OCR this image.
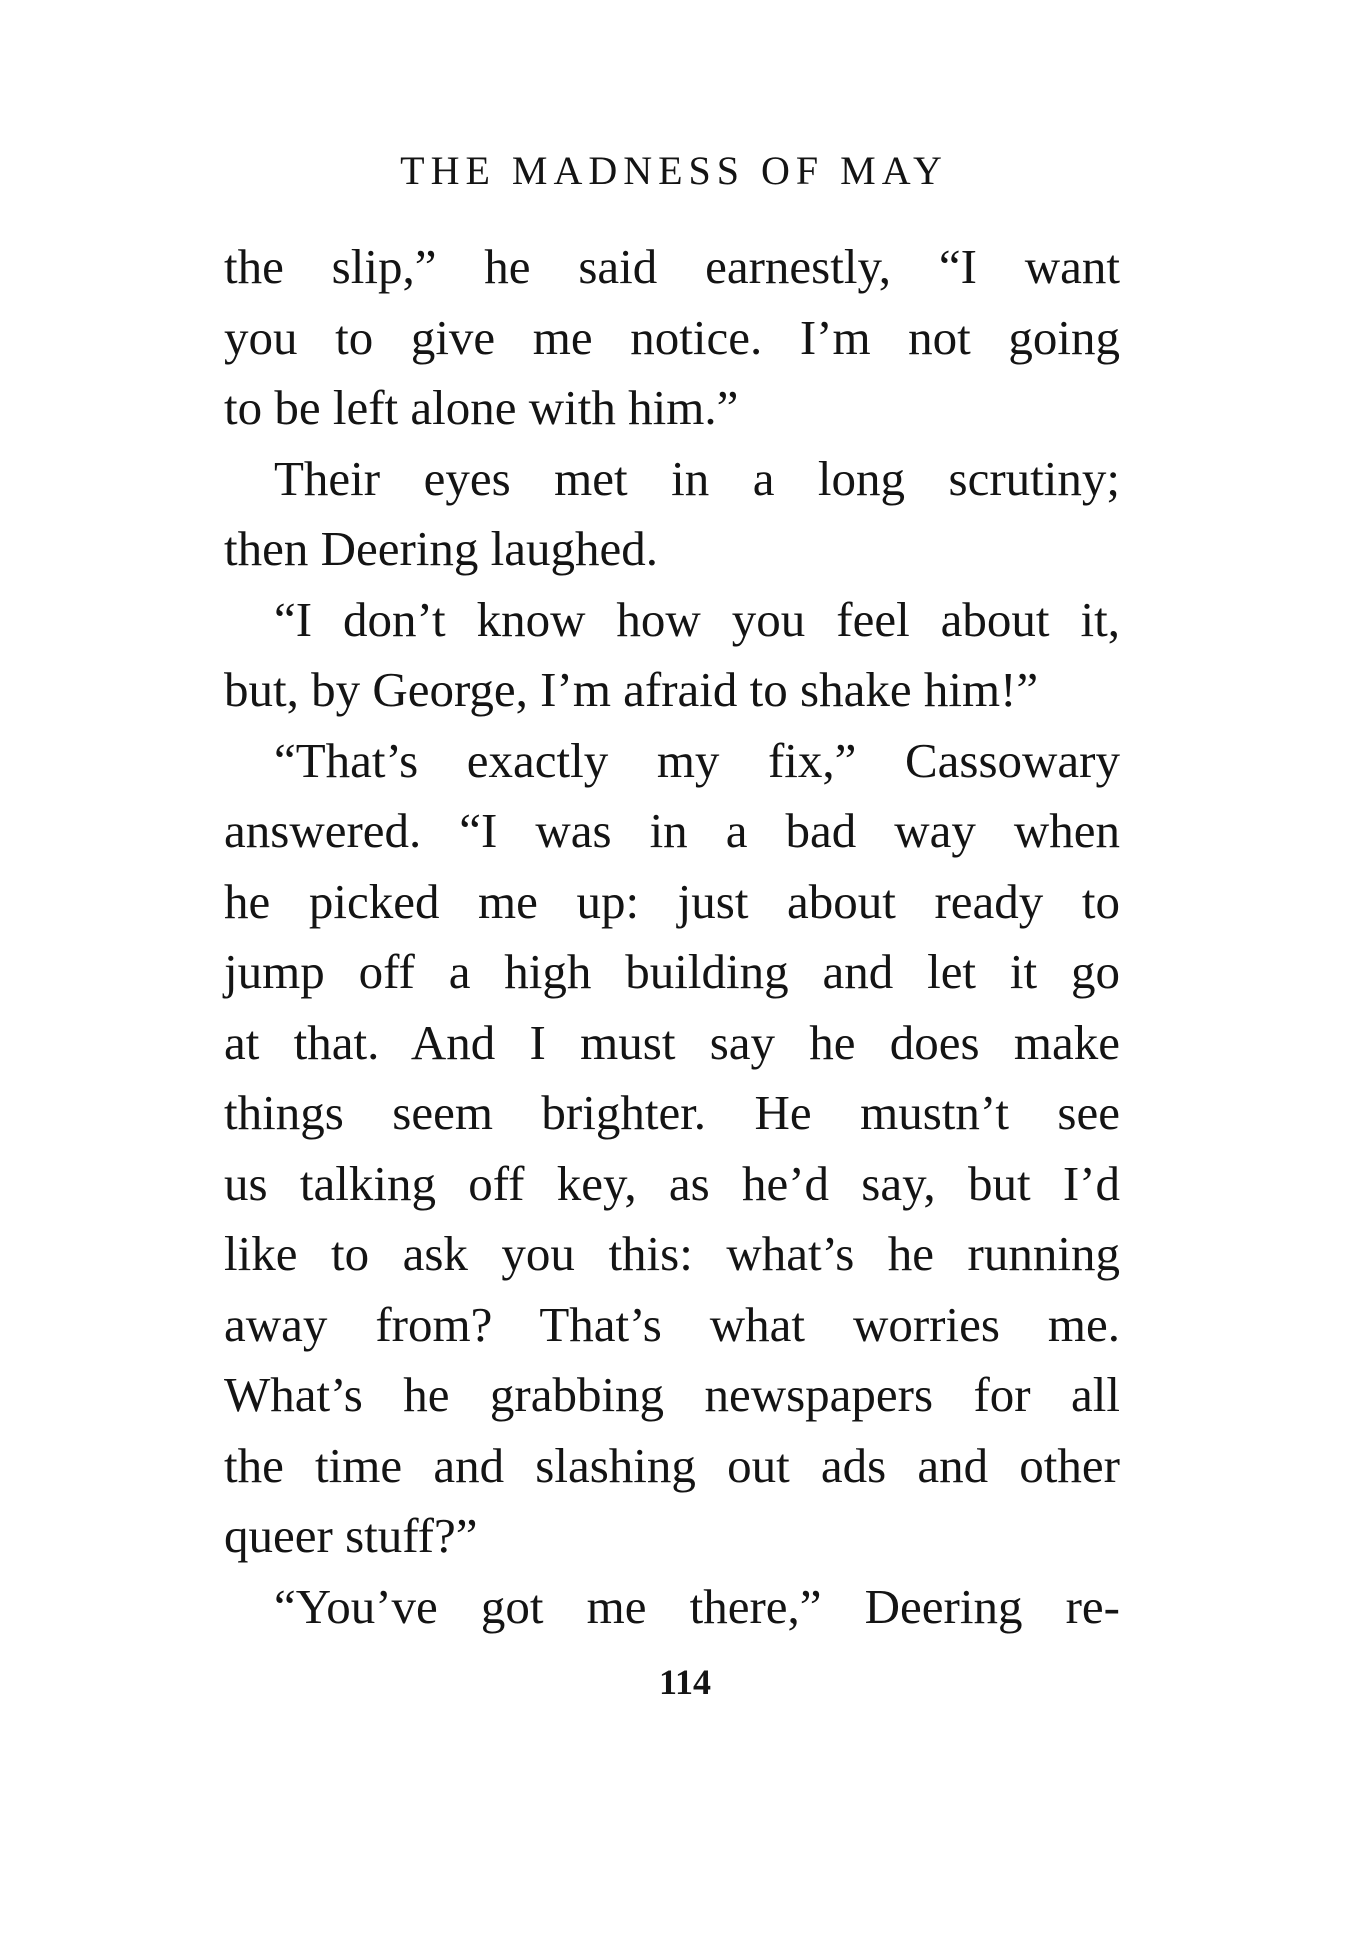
THE MADNESS OF MAY
the slip,” he said earnestly, “I want
you to give me notice. I’m not going
to be left alone with him.”
Their eyes met in a long scrutiny;
then Deering laughed.
“I don’t know how you feel about it,
but, by George, I’m afraid to shake him!”
“That’s exactly my fix,” Cassowary
answered. “I was in a bad way when
he picked me up: just about ready to
jump off a high building and let it go
at that. And I must say he does make
things seem brighter. He mustn’t see
us talking off key, as he’d say, but I’d
like to ask you this: what’s he running
away from? That’s what worries me.
What’s he grabbing newspapers for all
the time and slashing out ads and other
queer stuff?”
“You’ve got me there,” Deering re-
114
